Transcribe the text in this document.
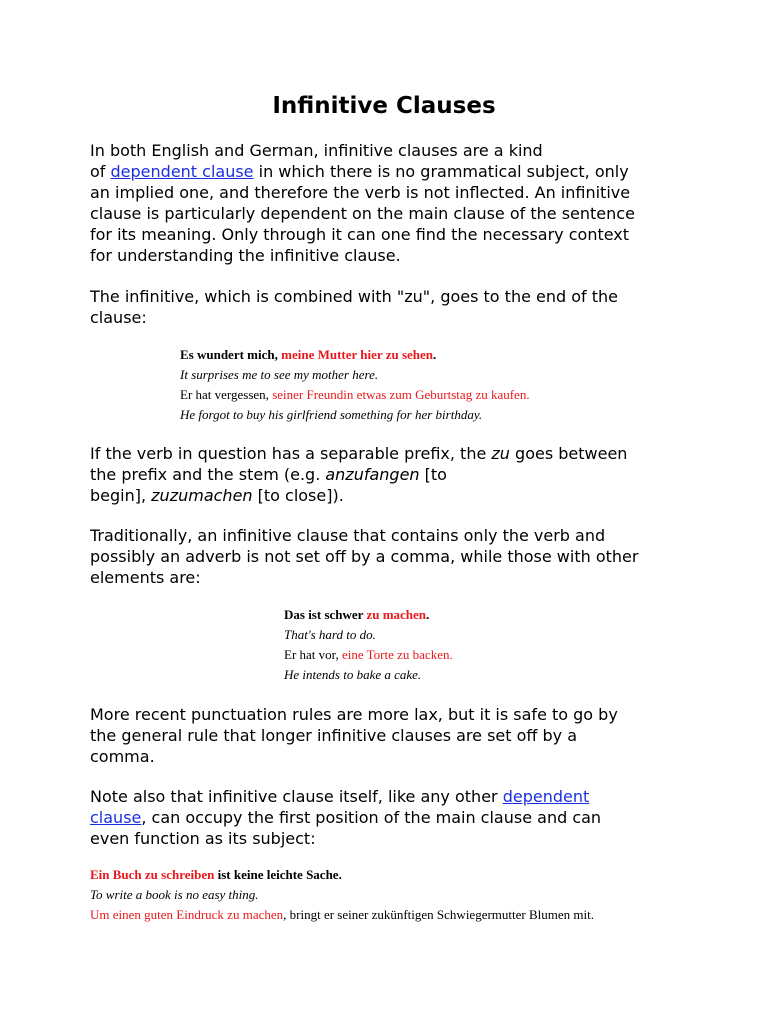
Infinitive Clauses
In both English and German, infinitive clauses are a kind
of dependent clause in which there is no grammatical subject, only
an implied one, and therefore the verb is not inflected. An infinitive
clause is particularly dependent on the main clause of the sentence
for its meaning. Only through it can one find the necessary context
for understanding the infinitive clause.
The infinitive, which is combined with "zu", goes to the end of the
clause:
Es wundert mich, meine Mutter hier zu sehen.
It surprises me to see my mother here.
Er hat vergessen, seiner Freundin etwas zum Geburtstag zu kaufen.
He forgot to buy his girlfriend something for her birthday.
If the verb in question has a separable prefix, the zu goes between
the prefix and the stem (e.g. anzufangen [to
begin], zuzumachen [to close]).
Traditionally, an infinitive clause that contains only the verb and
possibly an adverb is not set off by a comma, while those with other
elements are:
Das ist schwer zu machen.
That's hard to do.
Er hat vor, eine Torte zu backen.
He intends to bake a cake.
More recent punctuation rules are more lax, but it is safe to go by
the general rule that longer infinitive clauses are set off by a
comma.
Note also that infinitive clause itself, like any other dependent
clause, can occupy the first position of the main clause and can
even function as its subject:
Ein Buch zu schreiben ist keine leichte Sache.
To write a book is no easy thing.
Um einen guten Eindruck zu machen, bringt er seiner zukünftigen Schwiegermutter Blumen mit.
